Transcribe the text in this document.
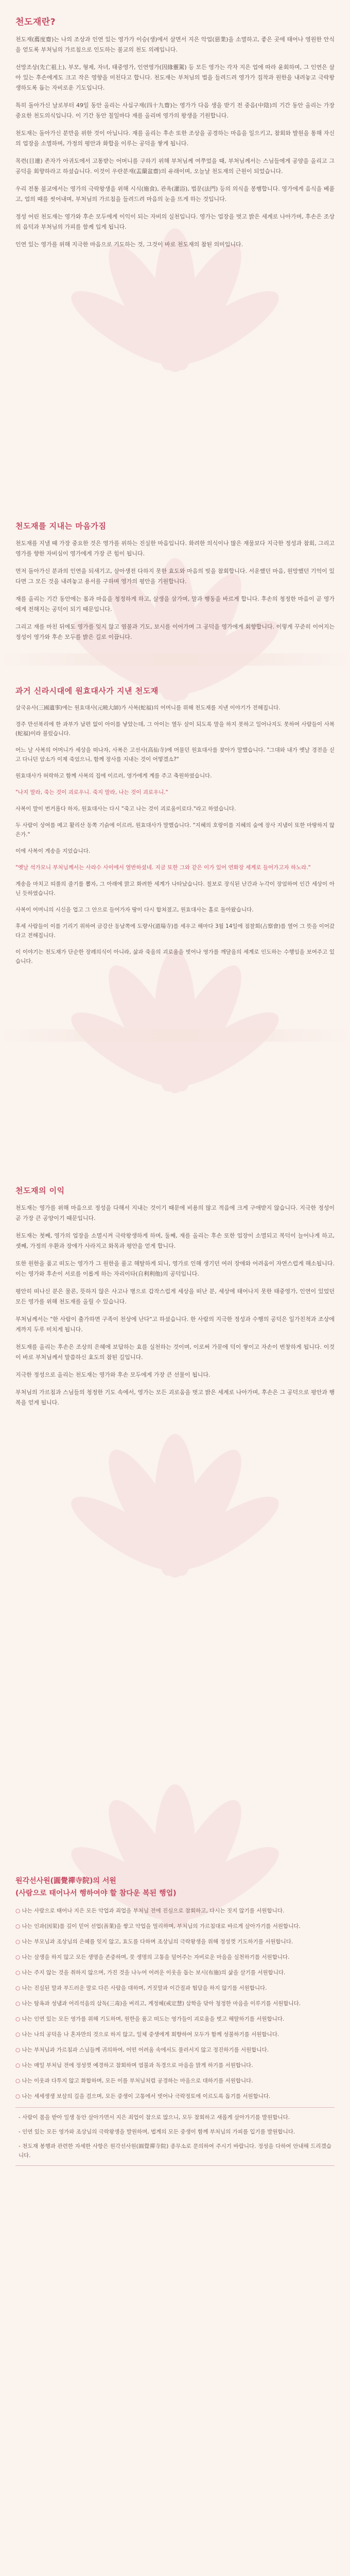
천도재란?

천도재(薦度齋)는 나의 조상과 인연 있는 영가가 이승(생)에서 살면서 지은 악업(惡業)을 소멸하고, 좋은 곳에 태어나 영원한 안식을 얻도록 부처님의 가르침으로 인도하는 불교의 천도 의례입니다.

선망조상(先亡祖上), 부모, 형제, 자녀, 태중영가, 인연영가(因緣靈駕) 등 모든 영가는 각자 지은 업에 따라 윤회하며, 그 인연은 살아 있는 후손에게도 크고 작은 영향을 미친다고 합니다. 천도재는 부처님의 법을 들려드려 영가가 집착과 원한을 내려놓고 극락왕생하도록 돕는 자비로운 기도입니다.

특히 돌아가신 날로부터 49일 동안 올리는 사십구재(四十九齋)는 영가가 다음 생을 받기 전 중음(中陰)의 기간 동안 올리는 가장 중요한 천도의식입니다. 이 기간 동안 칠일마다 재를 올리며 영가의 왕생을 기원합니다.

천도재는 돌아가신 분만을 위한 것이 아닙니다. 재를 올리는 후손 또한 조상을 공경하는 마음을 일으키고, 참회와 발원을 통해 자신의 업장을 소멸하며, 가정의 평안과 화합을 이루는 공덕을 쌓게 됩니다.

목련(目連) 존자가 아귀도에서 고통받는 어머니를 구하기 위해 부처님께 여쭈었을 때, 부처님께서는 스님들에게 공양을 올리고 그 공덕을 회향하라고 하셨습니다. 이것이 우란분재(盂蘭盆齋)의 유래이며, 오늘날 천도재의 근원이 되었습니다.

우리 전통 불교에서는 영가의 극락왕생을 위해 시식(施食), 관욕(灌浴), 법문(法門) 등의 의식을 봉행합니다. 영가에게 음식을 베풀고, 업의 때를 씻어내며, 부처님의 가르침을 들려드려 마음의 눈을 뜨게 하는 것입니다.

정성 어린 천도재는 영가와 후손 모두에게 이익이 되는 자비의 실천입니다. 영가는 업장을 벗고 밝은 세계로 나아가며, 후손은 조상의 음덕과 부처님의 가피를 함께 입게 됩니다.

인연 있는 영가를 위해 지극한 마음으로 기도하는 것, 그것이 바로 천도재의 참된 의미입니다.

천도재를 지내는 마음가짐

천도재를 지낼 때 가장 중요한 것은 영가를 위하는 진실한 마음입니다. 화려한 의식이나 많은 재물보다 지극한 정성과 참회, 그리고 영가를 향한 자비심이 영가에게 가장 큰 힘이 됩니다.

먼저 돌아가신 분과의 인연을 되새기고, 살아생전 다하지 못한 효도와 마음의 빚을 참회합니다. 서운했던 마음, 원망했던 기억이 있다면 그 모든 것을 내려놓고 용서를 구하며 영가의 평안을 기원합니다.

재를 올리는 기간 동안에는 몸과 마음을 청정하게 하고, 살생을 삼가며, 말과 행동을 바르게 합니다. 후손의 청정한 마음이 곧 영가에게 전해지는 공덕이 되기 때문입니다.

그리고 재를 마친 뒤에도 영가를 잊지 않고 염불과 기도, 보시를 이어가며 그 공덕을 영가에게 회향합니다. 이렇게 꾸준히 이어지는 정성이 영가와 후손 모두를 밝은 길로 이끕니다.

과거 신라시대에 원효대사가 지낸 천도재

삼국유사(三國遺事)에는 원효대사(元曉大師)가 사복(蛇福)의 어머니를 위해 천도재를 지낸 이야기가 전해집니다.

경주 만선북리에 한 과부가 남편 없이 아이를 낳았는데, 그 아이는 열두 살이 되도록 말을 하지 못하고 일어나지도 못하여 사람들이 사복(蛇福)이라 불렀습니다.

어느 날 사복의 어머니가 세상을 떠나자, 사복은 고선사(高仙寺)에 머물던 원효대사를 찾아가 말했습니다. "그대와 내가 옛날 경전을 싣고 다니던 암소가 이제 죽었으니, 함께 장사를 지내는 것이 어떻겠소?"

원효대사가 허락하고 함께 사복의 집에 이르러, 영가에게 계를 주고 축원하였습니다.

"나지 말라, 죽는 것이 괴로우니. 죽지 말라, 나는 것이 괴로우니."

사복이 말이 번거롭다 하자, 원효대사는 다시 "죽고 나는 것이 괴로움이로다."라고 하였습니다.

두 사람이 상여를 메고 활리산 동쪽 기슭에 이르러, 원효대사가 말했습니다. "지혜의 호랑이를 지혜의 숲에 장사 지냄이 또한 마땅하지 않은가."

이에 사복이 게송을 지었습니다.

"옛날 석가모니 부처님께서는 사라수 사이에서 열반하셨네. 지금 또한 그와 같은 이가 있어 연화장 세계로 들어가고자 하노라."

게송을 마치고 띠풀의 줄기를 뽑자, 그 아래에 맑고 화려한 세계가 나타났습니다. 칠보로 장식된 난간과 누각이 장엄하여 인간 세상이 아닌 듯하였습니다.

사복이 어머니의 시신을 업고 그 안으로 들어가자 땅이 다시 합쳐졌고, 원효대사는 홀로 돌아왔습니다.

후세 사람들이 이를 기리기 위하여 금강산 동남쪽에 도량사(道場寺)를 세우고 해마다 3월 14일에 점찰회(占察會)를 열어 그 뜻을 이어갔다고 전해집니다.

이 이야기는 천도재가 단순한 장례의식이 아니라, 삶과 죽음의 괴로움을 벗어나 영가를 깨달음의 세계로 인도하는 수행임을 보여주고 있습니다.

천도재의 이익

천도재는 영가를 위해 마음으로 정성을 다해서 지내는 것이기 때문에 비용의 많고 적음에 크게 구애받지 않습니다. 지극한 정성이 곧 가장 큰 공양이기 때문입니다.

천도재는 첫째, 영가의 업장을 소멸시켜 극락왕생하게 하며, 둘째, 재를 올리는 후손 또한 업장이 소멸되고 복덕이 늘어나게 하고, 셋째, 가정의 우환과 장애가 사라지고 화목과 평안을 얻게 합니다.

또한 원한을 품고 떠도는 영가가 그 원한을 풀고 해탈하게 되니, 영가로 인해 생기던 여러 장애와 어려움이 자연스럽게 해소됩니다. 이는 영가와 후손이 서로를 이롭게 하는 자리이타(自利利他)의 공덕입니다.

평안히 떠나신 분은 물론, 뜻하지 않은 사고나 병으로 갑작스럽게 세상을 떠난 분, 세상에 태어나지 못한 태중영가, 인연이 있었던 모든 영가를 위해 천도재를 올릴 수 있습니다.

부처님께서는 "한 사람이 출가하면 구족이 천상에 난다"고 하셨습니다. 한 사람의 지극한 정성과 수행의 공덕은 일가친척과 조상에게까지 두루 미치게 됩니다.

천도재를 올리는 후손은 조상의 은혜에 보답하는 효를 실천하는 것이며, 이로써 가문에 덕이 쌓이고 자손이 번창하게 됩니다. 이것이 바로 부처님께서 말씀하신 효도의 참된 길입니다.

지극한 정성으로 올리는 천도재는 영가와 후손 모두에게 가장 큰 선물이 됩니다.

부처님의 가르침과 스님들의 청정한 기도 속에서, 영가는 모든 괴로움을 벗고 밝은 세계로 나아가며, 후손은 그 공덕으로 평안과 행복을 얻게 됩니다.

원각선사원(圓覺禪寺院)의 서원
(사람으로 태어나서 행하여야 할 참다운 복된 행업)

○ 나는 사람으로 태어나 지은 모든 악업과 죄업을 부처님 전에 진심으로 참회하고, 다시는 짓지 않기를 서원합니다.

○ 나는 인과(因果)를 깊이 믿어 선업(善業)을 쌓고 악업을 멀리하며, 부처님의 가르침대로 바르게 살아가기를 서원합니다.

○ 나는 부모님과 조상님의 은혜를 잊지 않고, 효도를 다하며 조상님의 극락왕생을 위해 정성껏 기도하기를 서원합니다.

○ 나는 살생을 하지 않고 모든 생명을 존중하며, 뭇 생명의 고통을 덜어주는 자비로운 마음을 실천하기를 서원합니다.

○ 나는 주지 않는 것을 취하지 않으며, 가진 것을 나누어 어려운 이웃을 돕는 보시(布施)의 삶을 살기를 서원합니다.

○ 나는 진실된 말과 부드러운 말로 다른 사람을 대하며, 거짓말과 이간질과 험담을 하지 않기를 서원합니다.

○ 나는 탐욕과 성냄과 어리석음의 삼독(三毒)을 버리고, 계정혜(戒定慧) 삼학을 닦아 청정한 마음을 이루기를 서원합니다.

○ 나는 인연 있는 모든 영가를 위해 기도하며, 원한을 품고 떠도는 영가들이 괴로움을 벗고 해탈하기를 서원합니다.

○ 나는 나의 공덕을 나 혼자만의 것으로 하지 않고, 일체 중생에게 회향하여 모두가 함께 성불하기를 서원합니다.

○ 나는 부처님과 가르침과 스님들께 귀의하여, 어떤 어려움 속에서도 물러서지 않고 정진하기를 서원합니다.

○ 나는 매일 부처님 전에 정성껏 예경하고 참회하며 염불과 독경으로 마음을 맑게 하기를 서원합니다.

○ 나는 이웃과 다투지 않고 화합하며, 모든 이를 부처님처럼 공경하는 마음으로 대하기를 서원합니다.

○ 나는 세세생생 보살의 길을 걸으며, 모든 중생이 고통에서 벗어나 극락정토에 이르도록 돕기를 서원합니다.

- 사람이 몸을 받아 일생 동안 살아가면서 지은 죄업이 참으로 많으니, 모두 참회하고 새롭게 살아가기를 발원합니다.

- 인연 있는 모든 영가와 조상님의 극락왕생을 발원하며, 법계의 모든 중생이 함께 부처님의 가피를 입기를 발원합니다.

- 천도재 봉행과 관련한 자세한 사항은 원각선사원(圓覺禪寺院) 종무소로 문의하여 주시기 바랍니다. 정성을 다하여 안내해 드리겠습니다.
